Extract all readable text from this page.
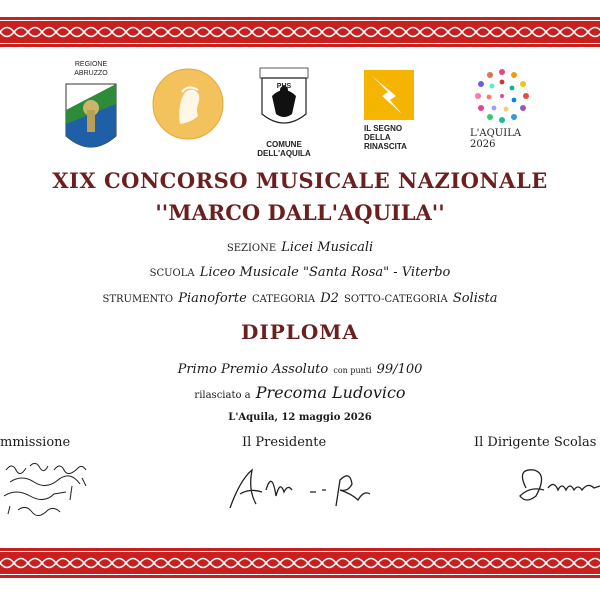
REGIONE ABRUZZO
PHS
COMUNE DELL'AQUILA
IL SEGNO DELLA RINASCITA
L'AQUILA 2026
XIX CONCORSO MUSICALE NAZIONALE
''MARCO DALL'AQUILA''
SEZIONE Licei Musicali
SCUOLA Liceo Musicale "Santa Rosa" - Viterbo
STRUMENTO Pianoforte CATEGORIA D2 SOTTO-CATEGORIA Solista
DIPLOMA
Primo Premio Assoluto con punti 99/100
rilasciato a Precoma Ludovico
L'Aquila, 12 maggio 2026
mmissione	Il Presidente	Il Dirigente Scolas
